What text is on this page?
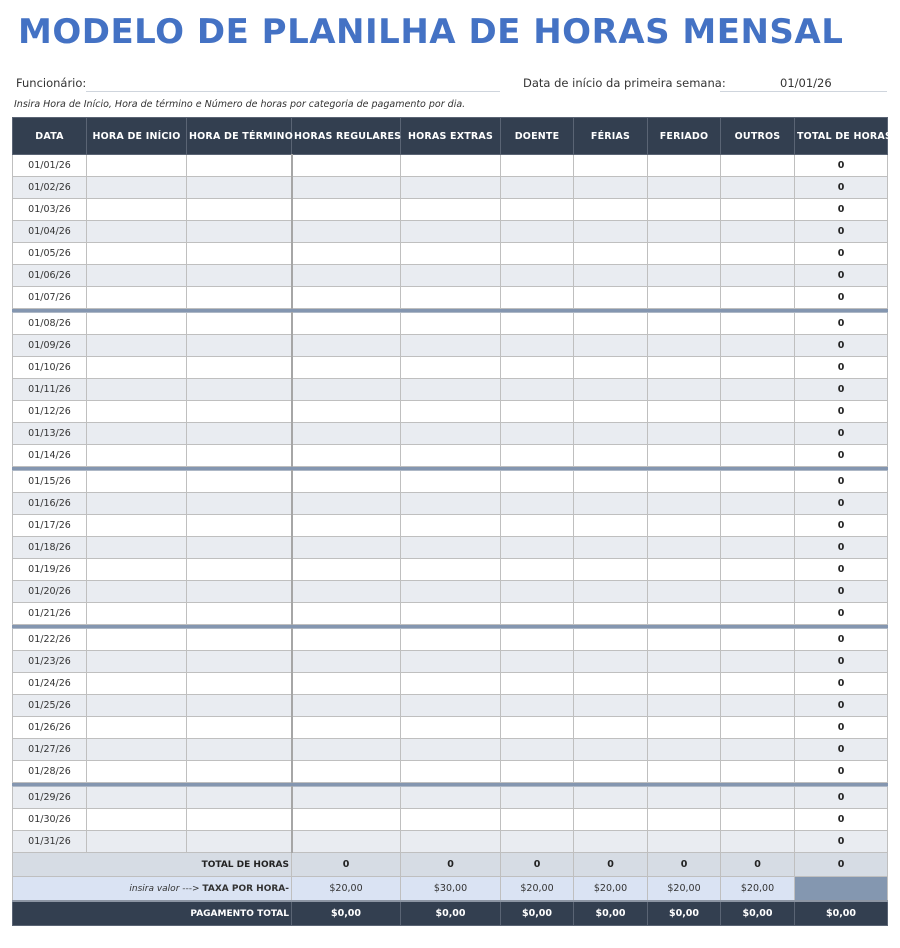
MODELO DE PLANILHA DE HORAS MENSAL
Funcionário:	Data de início da primeira semana:	01/01/26
Insira Hora de Início, Hora de término e Número de horas por categoria de pagamento por dia.
DATA	HORA DE INÍCIO	HORA DE TÉRMINO	HORAS REGULARES	HORAS EXTRAS	DOENTE	FÉRIAS	FERIADO	OUTROS	TOTAL DE HORAS
01/01/26									0
01/02/26									0
01/03/26									0
01/04/26									0
01/05/26									0
01/06/26									0
01/07/26									0

01/08/26									0
01/09/26									0
01/10/26									0
01/11/26									0
01/12/26									0
01/13/26									0
01/14/26									0

01/15/26									0
01/16/26									0
01/17/26									0
01/18/26									0
01/19/26									0
01/20/26									0
01/21/26									0

01/22/26									0
01/23/26									0
01/24/26									0
01/25/26									0
01/26/26									0
01/27/26									0
01/28/26									0

01/29/26									0
01/30/26									0
01/31/26									0
TOTAL DE HORAS			0	0	0	0	0	0	0
insira valor ---> TAXA POR HORA-			$20,00	$30,00	$20,00	$20,00	$20,00	$20,00	
PAGAMENTO TOTAL			$0,00	$0,00	$0,00	$0,00	$0,00	$0,00	$0,00
